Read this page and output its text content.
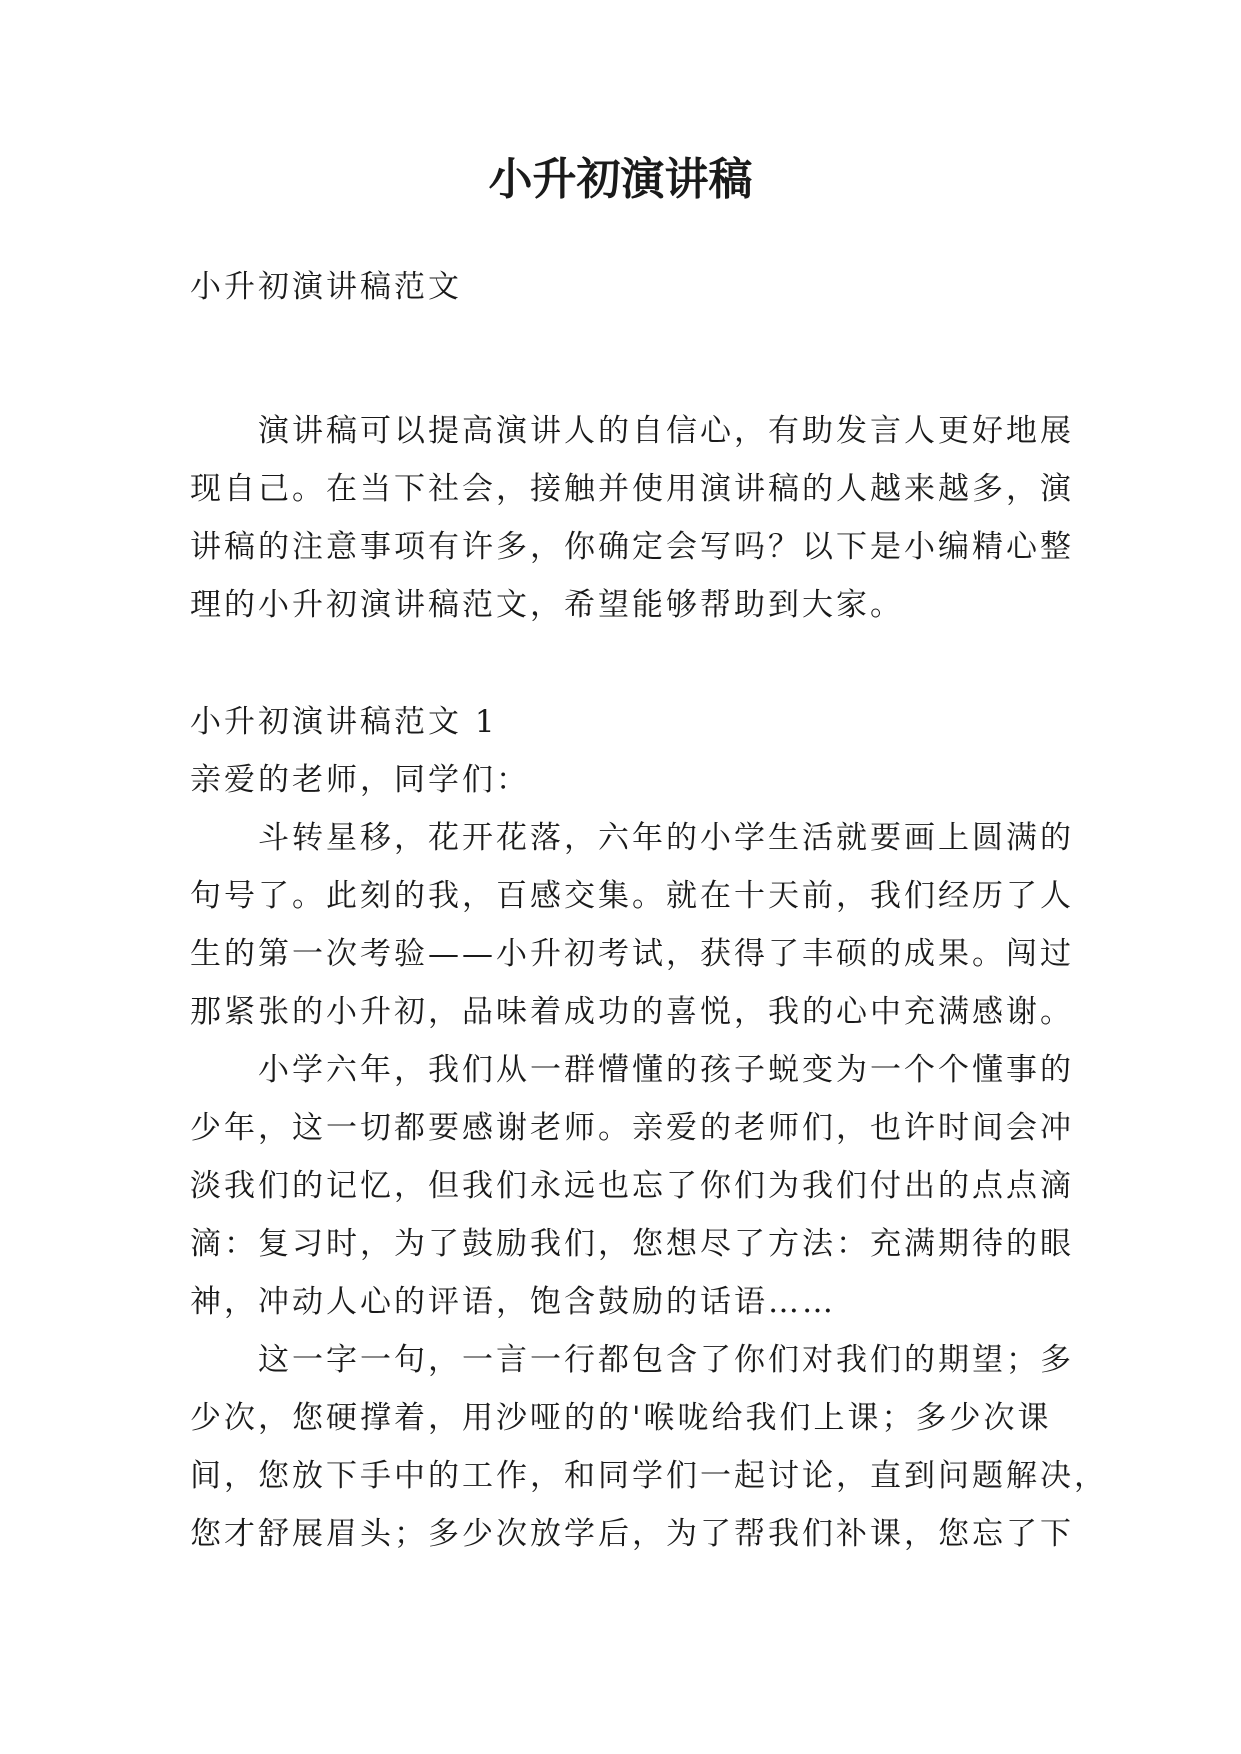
小升初演讲稿
小升初演讲稿范文
演讲稿可以提高演讲人的自信心，有助发言人更好地展
现自己。在当下社会，接触并使用演讲稿的人越来越多，演
讲稿的注意事项有许多，你确定会写吗？以下是小编精心整
理的小升初演讲稿范文，希望能够帮助到大家。
小升初演讲稿范文 1
亲爱的老师，同学们：
斗转星移，花开花落，六年的小学生活就要画上圆满的
句号了。此刻的我，百感交集。就在十天前，我们经历了人
生的第一次考验——小升初考试，获得了丰硕的成果。闯过
那紧张的小升初，品味着成功的喜悦，我的心中充满感谢。
小学六年，我们从一群懵懂的孩子蜕变为一个个懂事的
少年，这一切都要感谢老师。亲爱的老师们，也许时间会冲
淡我们的记忆，但我们永远也忘了你们为我们付出的点点滴
滴：复习时，为了鼓励我们，您想尽了方法：充满期待的眼
神，冲动人心的评语，饱含鼓励的话语……
这一字一句，一言一行都包含了你们对我们的期望；多
少次，您硬撑着，用沙哑的的'喉咙给我们上课；多少次课
间，您放下手中的工作，和同学们一起讨论，直到问题解决，
您才舒展眉头；多少次放学后，为了帮我们补课，您忘了下
